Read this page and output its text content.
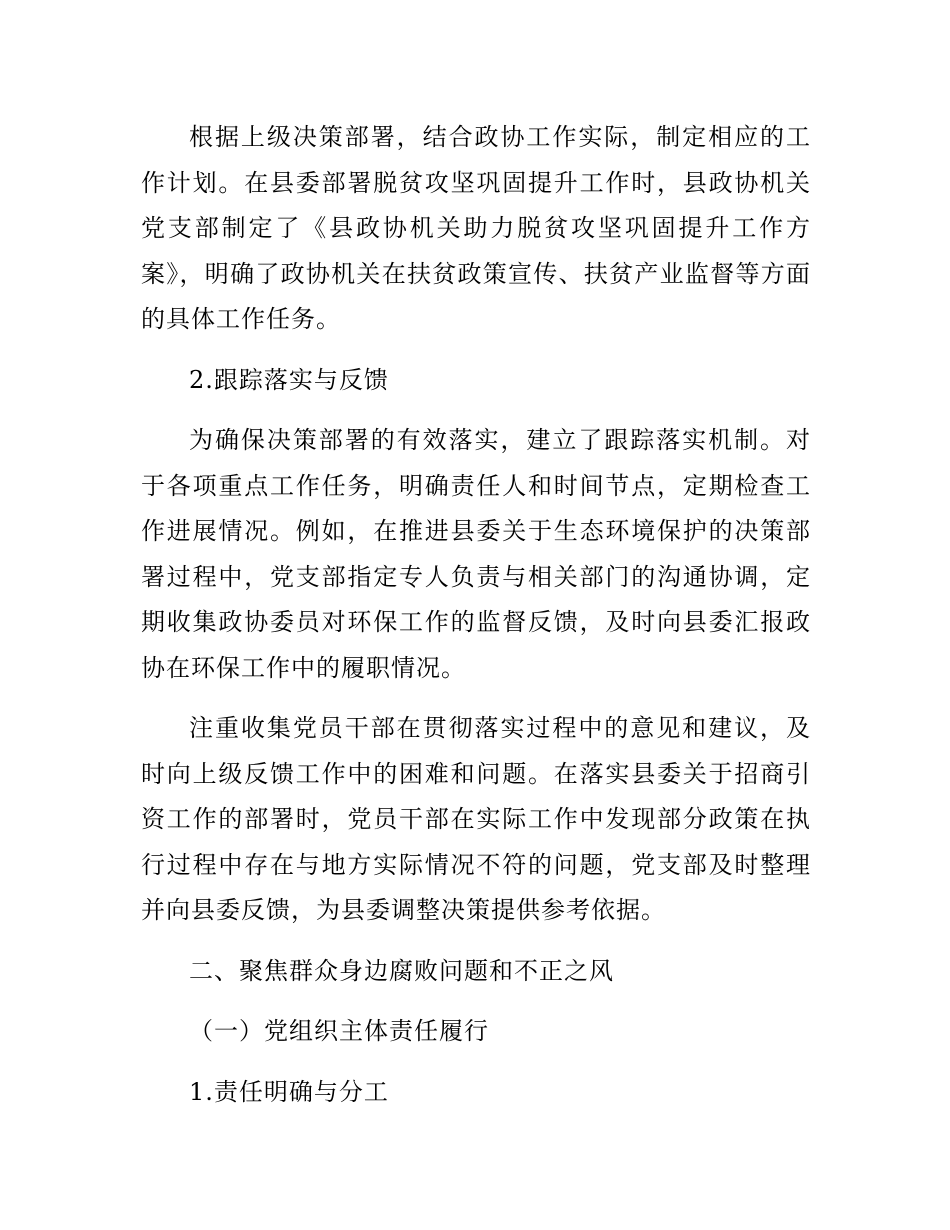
根据上级决策部署，结合政协工作实际，制定相应的工作计划。在县委部署脱贫攻坚巩固提升工作时，县政协机关党支部制定了《县政协机关助力脱贫攻坚巩固提升工作方案》，明确了政协机关在扶贫政策宣传、扶贫产业监督等方面的具体工作任务。

2.跟踪落实与反馈

为确保决策部署的有效落实，建立了跟踪落实机制。对于各项重点工作任务，明确责任人和时间节点，定期检查工作进展情况。例如，在推进县委关于生态环境保护的决策部署过程中，党支部指定专人负责与相关部门的沟通协调，定期收集政协委员对环保工作的监督反馈，及时向县委汇报政协在环保工作中的履职情况。

注重收集党员干部在贯彻落实过程中的意见和建议，及时向上级反馈工作中的困难和问题。在落实县委关于招商引资工作的部署时，党员干部在实际工作中发现部分政策在执行过程中存在与地方实际情况不符的问题，党支部及时整理并向县委反馈，为县委调整决策提供参考依据。

二、聚焦群众身边腐败问题和不正之风

（一）党组织主体责任履行

1.责任明确与分工
